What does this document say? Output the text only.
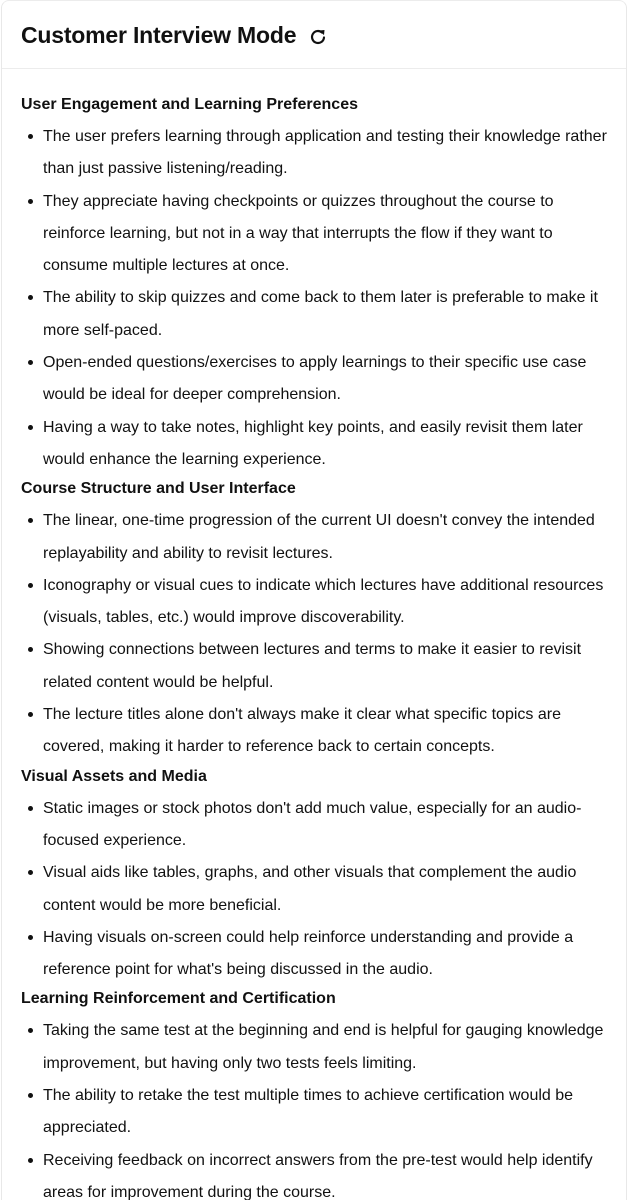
Customer Interview Mode
User Engagement and Learning Preferences
The user prefers learning through application and testing their knowledge rather than just passive listening/reading.
They appreciate having checkpoints or quizzes throughout the course to reinforce learning, but not in a way that interrupts the flow if they want to consume multiple lectures at once.
The ability to skip quizzes and come back to them later is preferable to make it more self-paced.
Open-ended questions/exercises to apply learnings to their specific use case would be ideal for deeper comprehension.
Having a way to take notes, highlight key points, and easily revisit them later would enhance the learning experience.
Course Structure and User Interface
The linear, one-time progression of the current UI doesn't convey the intended replayability and ability to revisit lectures.
Iconography or visual cues to indicate which lectures have additional resources (visuals, tables, etc.) would improve discoverability.
Showing connections between lectures and terms to make it easier to revisit related content would be helpful.
The lecture titles alone don't always make it clear what specific topics are covered, making it harder to reference back to certain concepts.
Visual Assets and Media
Static images or stock photos don't add much value, especially for an audio-focused experience.
Visual aids like tables, graphs, and other visuals that complement the audio content would be more beneficial.
Having visuals on-screen could help reinforce understanding and provide a reference point for what's being discussed in the audio.
Learning Reinforcement and Certification
Taking the same test at the beginning and end is helpful for gauging knowledge improvement, but having only two tests feels limiting.
The ability to retake the test multiple times to achieve certification would be appreciated.
Receiving feedback on incorrect answers from the pre-test would help identify areas for improvement during the course.
